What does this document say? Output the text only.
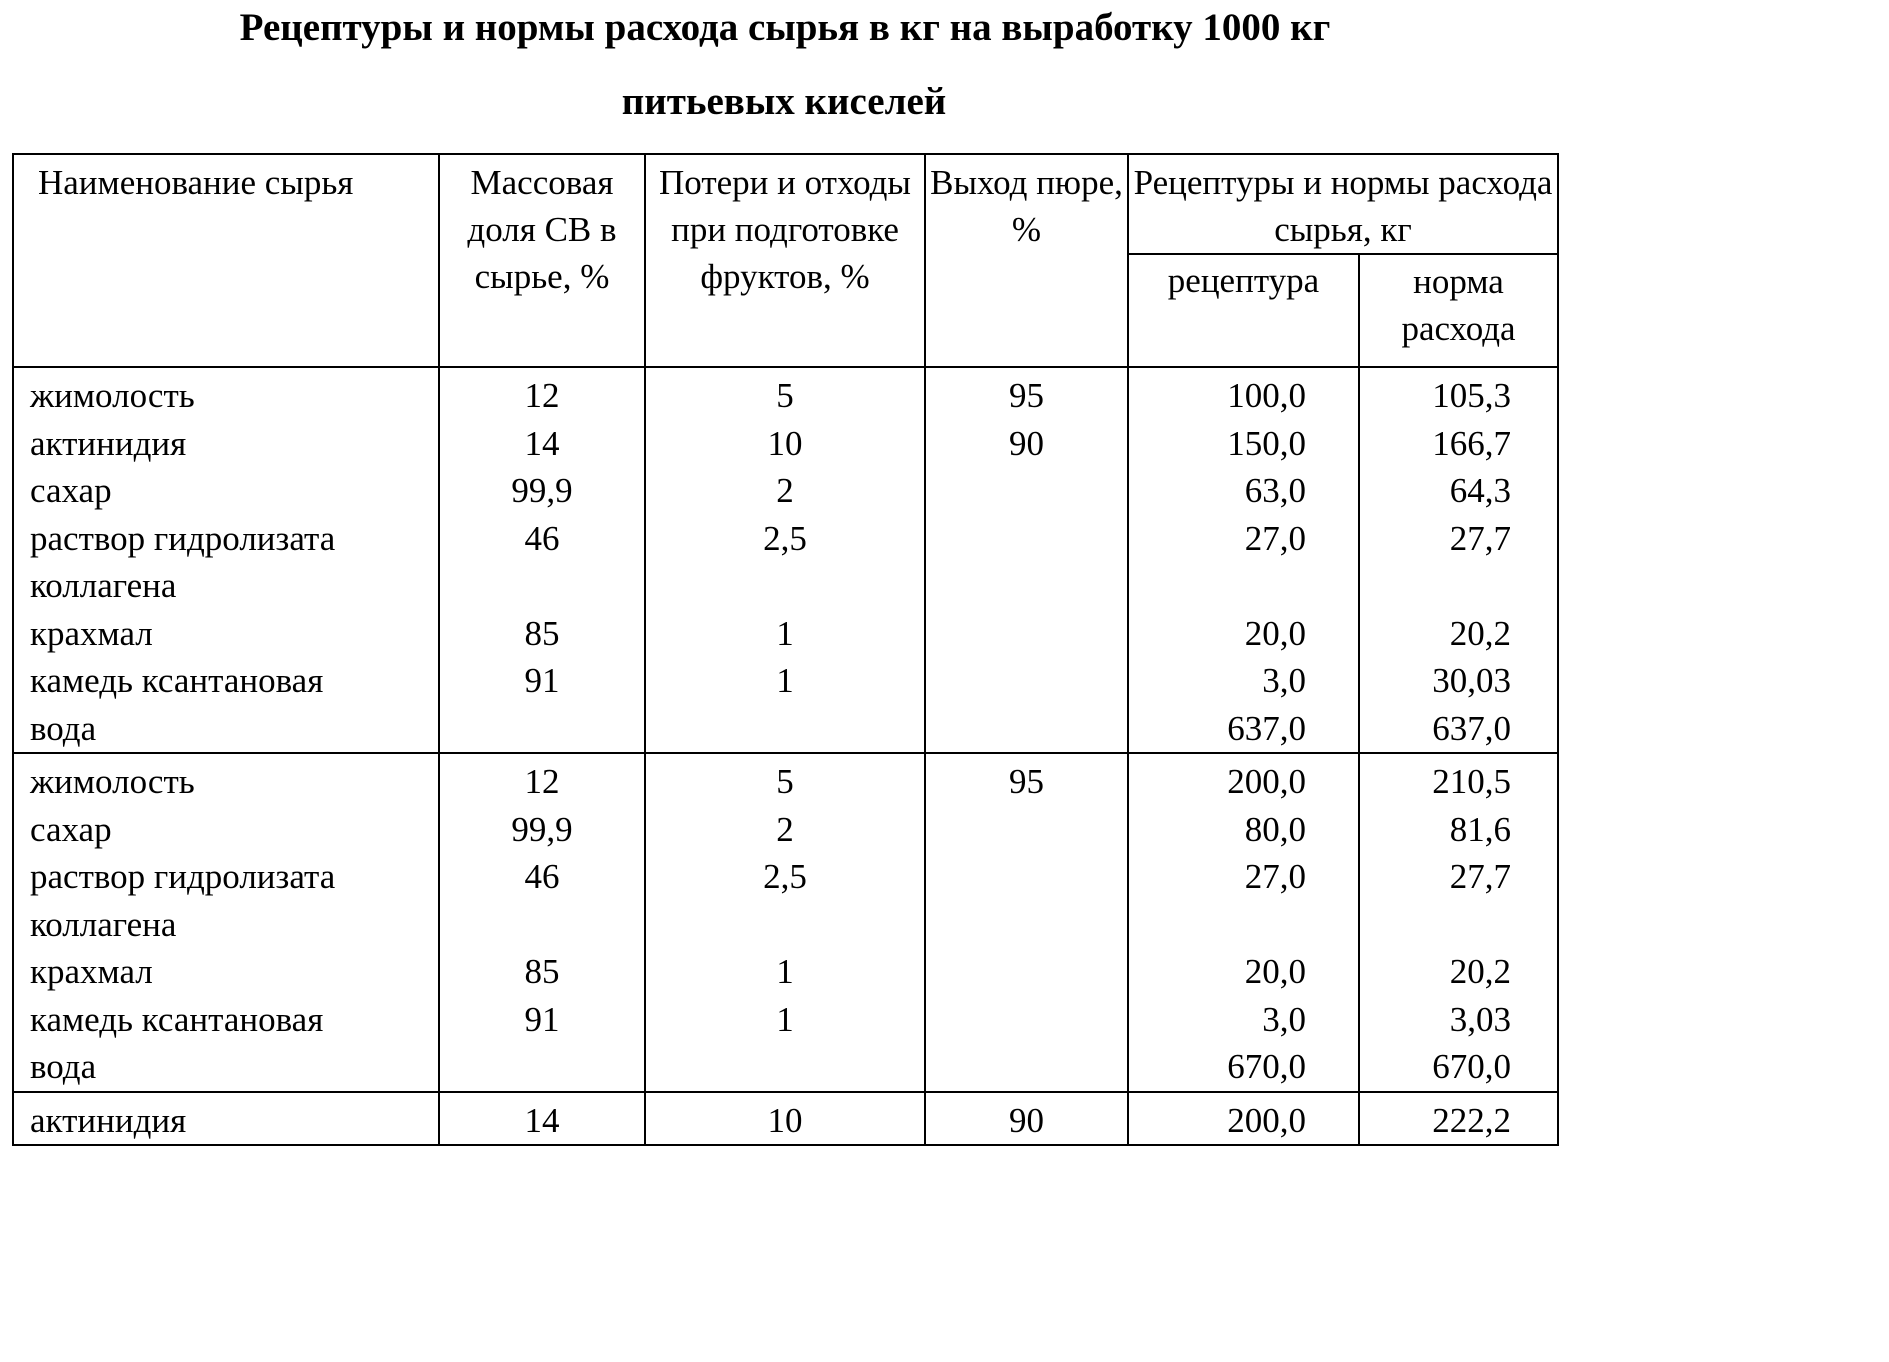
Рецептуры и нормы расхода сырья в кг на выработку 1000 кг
питьевых киселей
Наименование сырья	Массовая доля СВ в сырье, %	Потери и отходы при подготовке фруктов, %	Выход пюре, %	Рецептуры и нормы расхода сырья, кг	
				рецептура	норма расхода
жимолость	12	5	95	100,0	105,3
актинидия	14	10	90	150,0	166,7
сахар	99,9	2		63,0	64,3
раствор гидролизата коллагена	46	2,5		27,0	27,7
крахмал	85	1		20,0	20,2
камедь ксантановая	91	1		3,0	30,03
вода				637,0	637,0
жимолость	12	5	95	200,0	210,5
сахар	99,9	2		80,0	81,6
раствор гидролизата коллагена	46	2,5		27,0	27,7
крахмал	85	1		20,0	20,2
камедь ксантановая	91	1		3,0	3,03
вода				670,0	670,0
актинидия	14	10	90	200,0	222,2
